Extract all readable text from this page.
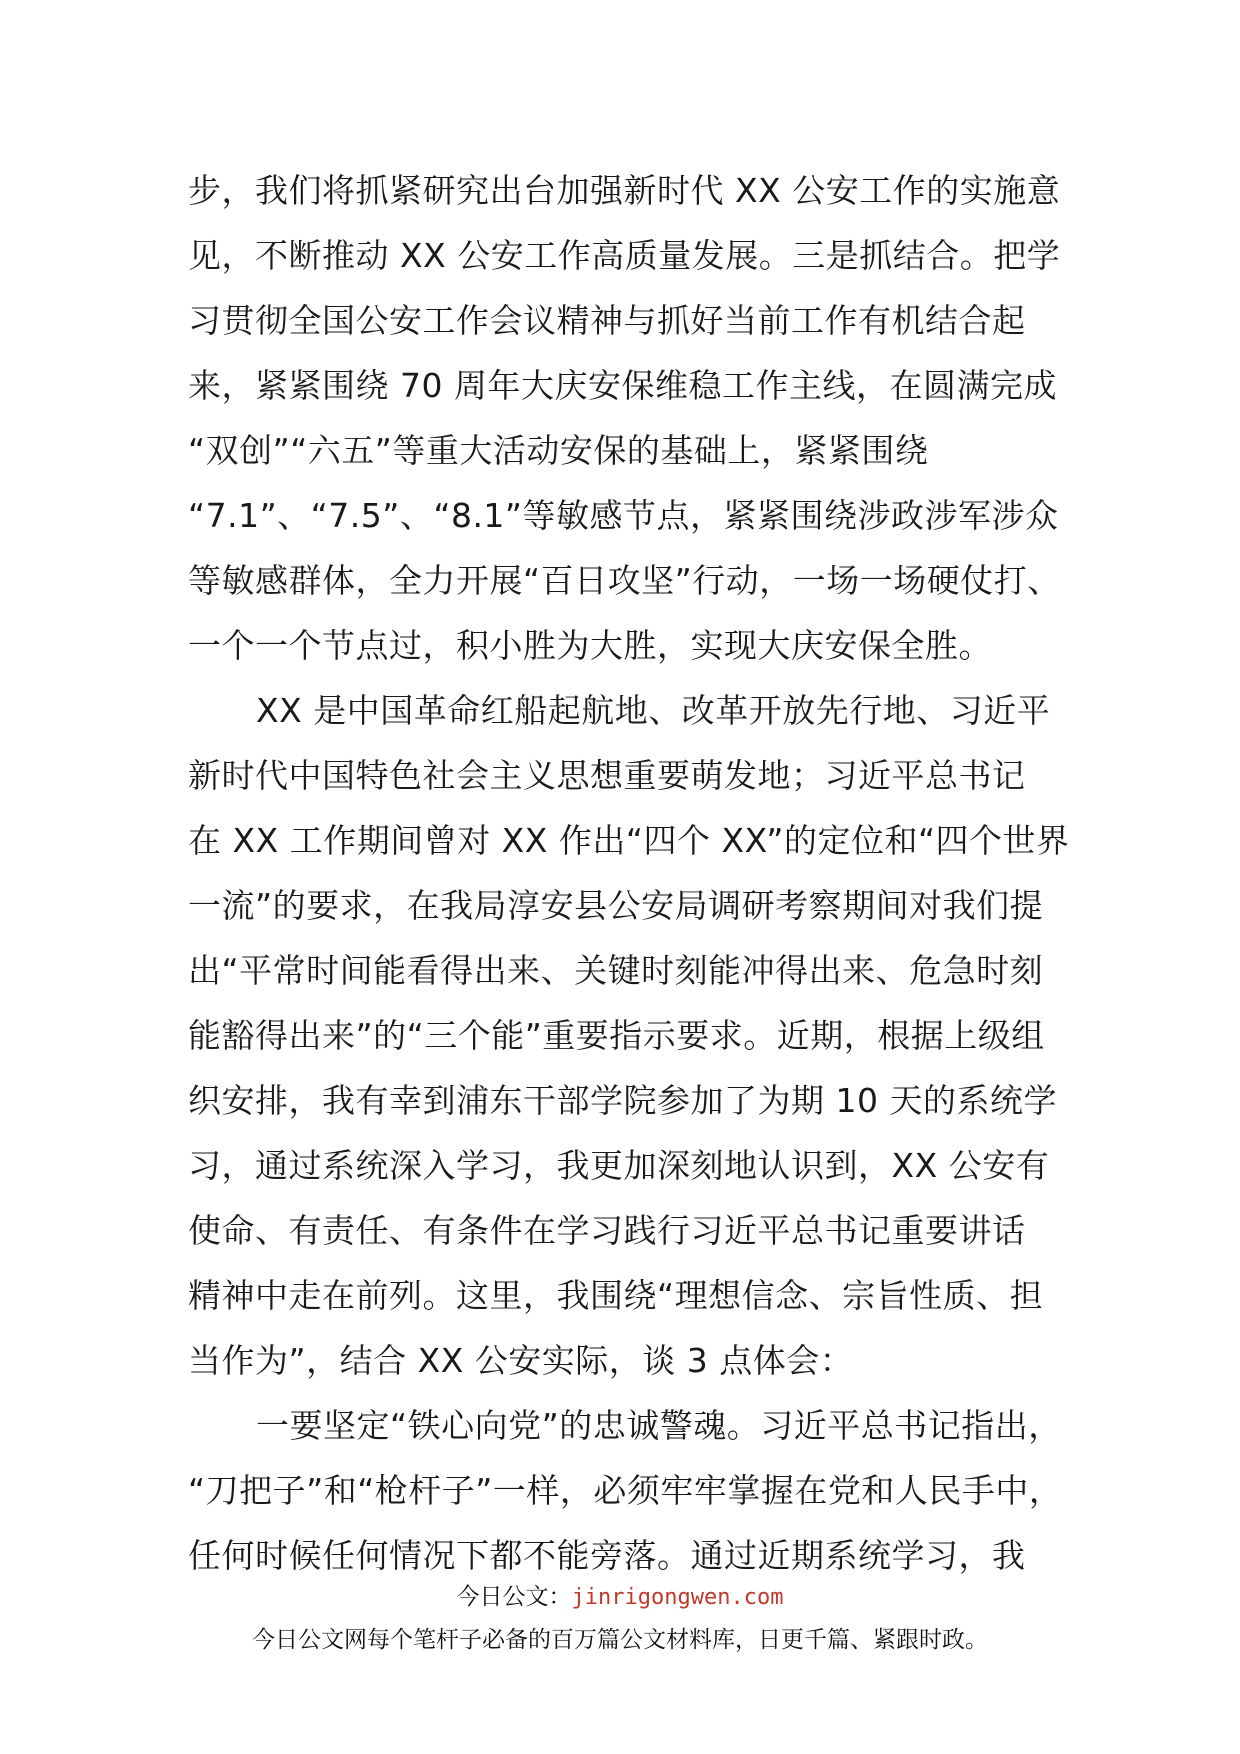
步，我们将抓紧研究出台加强新时代 XX 公安工作的实施意
见，不断推动 XX 公安工作高质量发展。三是抓结合。把学
习贯彻全国公安工作会议精神与抓好当前工作有机结合起
来，紧紧围绕 70 周年大庆安保维稳工作主线，在圆满完成
“双创”“六五”等重大活动安保的基础上，紧紧围绕
“7.1”、“7.5”、“8.1”等敏感节点，紧紧围绕涉政涉军涉众
等敏感群体，全力开展“百日攻坚”行动，一场一场硬仗打、
一个一个节点过，积小胜为大胜，实现大庆安保全胜。
XX 是中国革命红船起航地、改革开放先行地、习近平
新时代中国特色社会主义思想重要萌发地；习近平总书记
在 XX 工作期间曾对 XX 作出“四个 XX”的定位和“四个世界
一流”的要求，在我局淳安县公安局调研考察期间对我们提
出“平常时间能看得出来、关键时刻能冲得出来、危急时刻
能豁得出来”的“三个能”重要指示要求。近期，根据上级组
织安排，我有幸到浦东干部学院参加了为期 10 天的系统学
习，通过系统深入学习，我更加深刻地认识到，XX 公安有
使命、有责任、有条件在学习践行习近平总书记重要讲话
精神中走在前列。这里，我围绕“理想信念、宗旨性质、担
当作为”，结合 XX 公安实际，谈 3 点体会：
一要坚定“铁心向党”的忠诚警魂。习近平总书记指出，
“刀把子”和“枪杆子”一样，必须牢牢掌握在党和人民手中，
任何时候任何情况下都不能旁落。通过近期系统学习，我
今日公文：jinrigongwen.com
今日公文网每个笔杆子必备的百万篇公文材料库，日更千篇、紧跟时政。
